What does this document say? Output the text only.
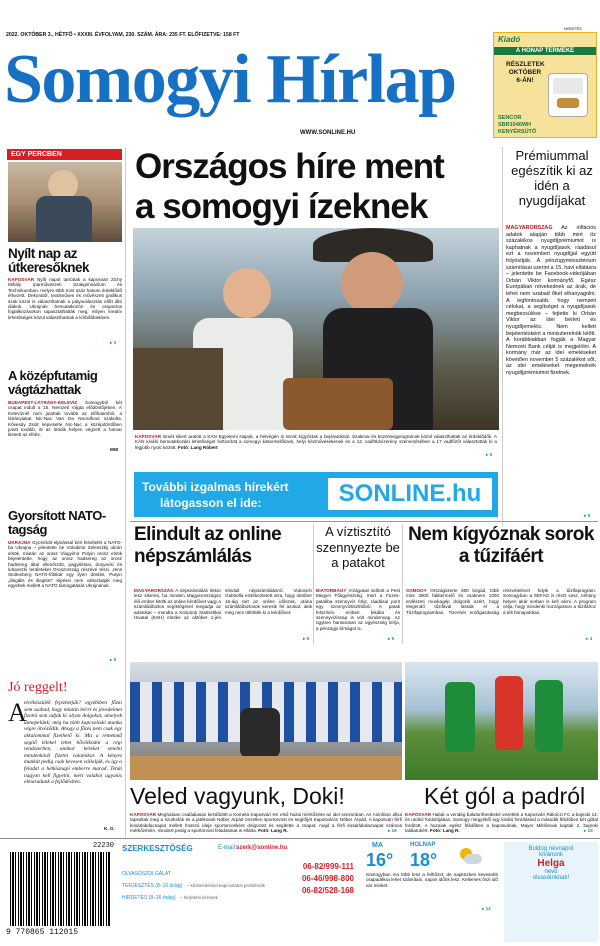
2022. OKTÓBER 3., HÉTFŐ • XXXIII. ÉVFOLYAM, 230. SZÁM. ÁRA: 235 FT. ELŐFIZETVE: 158 FT
Somogyi Hírlap
WWW.SONLINE.HU
HIRDETÉS
Kiadó
A HÓNAP TERMÉKE
RÉSZLETEK OKTÓBER 6-ÁN!
SENCOR SBR1040WH KENYÉRSÜTŐ
EGY PERCBEN
Nyílt nap az útkeresőknek
KAPOSVÁR Nyílt napot tartottak a kaposvári Zichy Mihály Iparművészeti Szakgimnázium és Technikumban, melyre több mint száz hatvan érdeklődő érkezett. Dekoratőr, textilműves és művészeti grafikus szak közül is választhatnak a pályaválasztás előtt álló diákok. Ukrajnás bemutatkozón és csoportos foglalkozásokon tapasztalhatták meg, milyen kreatív lehetőségek közül választhatnak a kiírbőbbiekben.
▸ 3
A középfutamig vágtázhattak
BUDAPEST-LÁTRÁNY-KELEVÍZ Somogyból két csapat indult a 15. Nemzeti Vágta elődöntőjében. A Kelevíznél nem jutottak tovább az előfutamból, a látrányiakat Nic-Nac Van De Noordhout szakolta. Kővesdy Zsolt képviselte Nic-Nac a középdöntőben jutott tovább, itt az ötödik helyen végzett a hamar kiesett az elítés.
MW
Gyorsított NATO-tagság
UKRAJNA Gyorsított eljárással kéri felvételét a NATO-ba Ukrajna – jelentette be Volodimir Zelenszkij ukrán elnök, miután az orosz Vlagyimir Putyin orosz elnök bejelentette, hogy az orosz hadsereg az orosz hadsereg által ellenőrzött, pagyilizsiai, donyecki és luhanszki területeket Oroszország részévé tészi. Jens Stoltenberg NATO-főtitkár egy ilyen döntés, Putyin „illegális és illegitim” lépései nem változtatják meg egyebek mellett a NATO támogatását Ukrajnának.
▸ 9
Jó reggelt!
A
tévékészülék fejezhetjük? egyébiben főzni sem szabad, hogy miután bérrt és jövedelmet fizetni sem adják ki olyan dolgokat, amelyek ünnepelünk; még ha több kapcsolódó munka végre ötvöződik. Ahogy a főzés nem csak egy alkalommal fizethető ki. Ma a remekmű segítő lélekel lehet bővölködni a régi rendszerben, amikor béreket emelni mindenkinél fizetni valamikor. A kényes munkát pedig csak kevesen vállalják, és így a feladat a hétköznapi emberre marad. Tehát nagyon kell figyelni, mert valahol ugyanis elmaradunk a fejlődésben.
K. O.
Országos híre ment
a somogyi ízeknek
KAPOSVÁR Ismét sikert aratott a KÁN Egyetemi Napok, a hétvégén is sorok kígyóztak a bejáratoknál. Szakmai és közönségprogramok közül választhattak az érdeklődők. A KÁN kiváló bemutatkozási lehetőséget biztosított a somogyi kistermelőknek, helyi kézművesekének és a 12. vadföldvízerény szervezésében a 17 vadfőzőt választották ki a legjobb nyolc között. Fotó: Lang Róbert
▸ 6
Prémiummal egészítik ki az idén a nyugdíjakat
MAGYARORSZÁG Az inflációs adatok alapján több mint tíz százalékos nyugdíjprémiumot is kaphatnak a nyugdíjasok, ráadásul ezt a novemberi nyugdíjjal együtt folyósítják. A pénzügyminisztérium számításai szerint a 15. havi ellátásra – jelentette be Facebook-videójában Orbán Viktor kormányfő. Egész Európában növekednek az árak, de lehet nem szabad őket elhanyagolni. A legfontosabb, hogy nemzeti célokat, a segítséget a nyugdíjasok megbecsülése – fejtette ki Orbán Viktor az idei bérleti és nyugdíjemelés. Nem kellett bejelentésként a miniszterelnök lelőtt. A korábbiakban fogják a Magyar Nemzeti Bank célját is megjelölni. A kormány már az idei emeléseket követően november 5 százalékot sőt, az idei emeléseket megemelnék nyugdíjprémiumot fizetnek.
▸ 9
További izgalmas hírekért
látogasson el ide:	SONLINE.hu
Elindult az online népszámlálás
MAGYARORSZÁG A népszámlálás ökkor lesz sikeres, ha minden Magyarországon élő ember kitölti az online kérdőívet vagy a számlálóbiztos segítségével megadja az adatokat – mondta a Központi Statisztikai Hivatal (KSH) elnöke az október 1-jén elindult népszámlálásról. Vukovich Gabriella emlékeztetett arra, hogy október 16-áig tart az online időszak, utána számlálóbiztosok keresik fel azokat, akik még nem töltötték ki a kérdőívet.
▸ 5
A víztisztító szennyezte be a patakot
BIATORBÁGY Vízágakat indított a Pest Megyei Főügyészség, mert a Füzes-patakba szennyvíz folyt, ráadásul pont egy szennyvíztisztítóból. A patak felszínén emberi fekália és szennyvíziszap is volt mindennap. Az ügyben hamarosan az ügyészség kiírja, a pénzügyi bírságot is.
▸ 5
Nem kígyóznak sorok a tűzifáért
SOMOGY Országszerte 800 brigád, több mint 3000 fakitermelő és csaknem 1000 erdészeti munkagép dolgozik azért, hogy elegendő tűzifával lássák el a Tűzifaprogramban. Tizenhét erdőgazdaság részvételével folyik a tűzifaprogram. Somogyban a SEFAG is részt vesz, néhány helyen akár sorban is kell várni. A program célja, hogy mindenki hozzájusson a tűzifához a téli hónapokban.
▸ 4
Veled vagyunk, Doki!
KAPOSVÁR Meghatóan családiasan kezdődött a Kometa Kaposvári KK első hazai mérkőzése az idei szezonban. Az Aniróban állva tapsoltak meg a szurkolók és a játékosok Nöber Árpád önzetlen sportorvost és segítőjét Kaposvárón Nöber Árpád. A kaposvári férfi kosárlabdacsapat mellett hosszú ideje sportorvosként dolgozott és segítette a csapat, majd a férfi kosárlabdacsapat számos mérkőzésén, mindezt pedig a sportorvosi feladatokat is ellátta. Fotó: Lang R.	▸ 16
Két gól a padról
KAPOSVÁR Habár a vendég balatonfüredieké vezettek a Kaposvári Rákóczi FC a bajnoki 14. és utolsó fordulójában, Somogy megyéből egy kiváló fordítással a második félidőben két góllal fordított. A hazaiak egész félidőben a kaposváriak, Mayer Miklósnak kaptak 2. bajnoki találatukért. Fotó: Lang R.	▸ 15
22230
9 770865 112015
SZERKESZTŐSÉG	E-mail: szerk@sonline.hu
OLVASÓSZOLGÁLAT
06-82/999-111
TERJESZTÉS (8–16 óráig) – kézbesítéssel kapcsolatos problémák
06-46/998-800
HIRDETÉS (8–16 óráig) – hirdetési kérések
06-82/528-168
MA
16°
HOLNAP
18°
Somogyban ma több lesz a felhőzet, de napközben kevesebb csapadékra lehet számítani, napos időnk lesz. Kellemes őszi idő vár minket.
▸ 13
Boldog névnapot
kívánunk
Helga
nevű
olvasóinknak!
